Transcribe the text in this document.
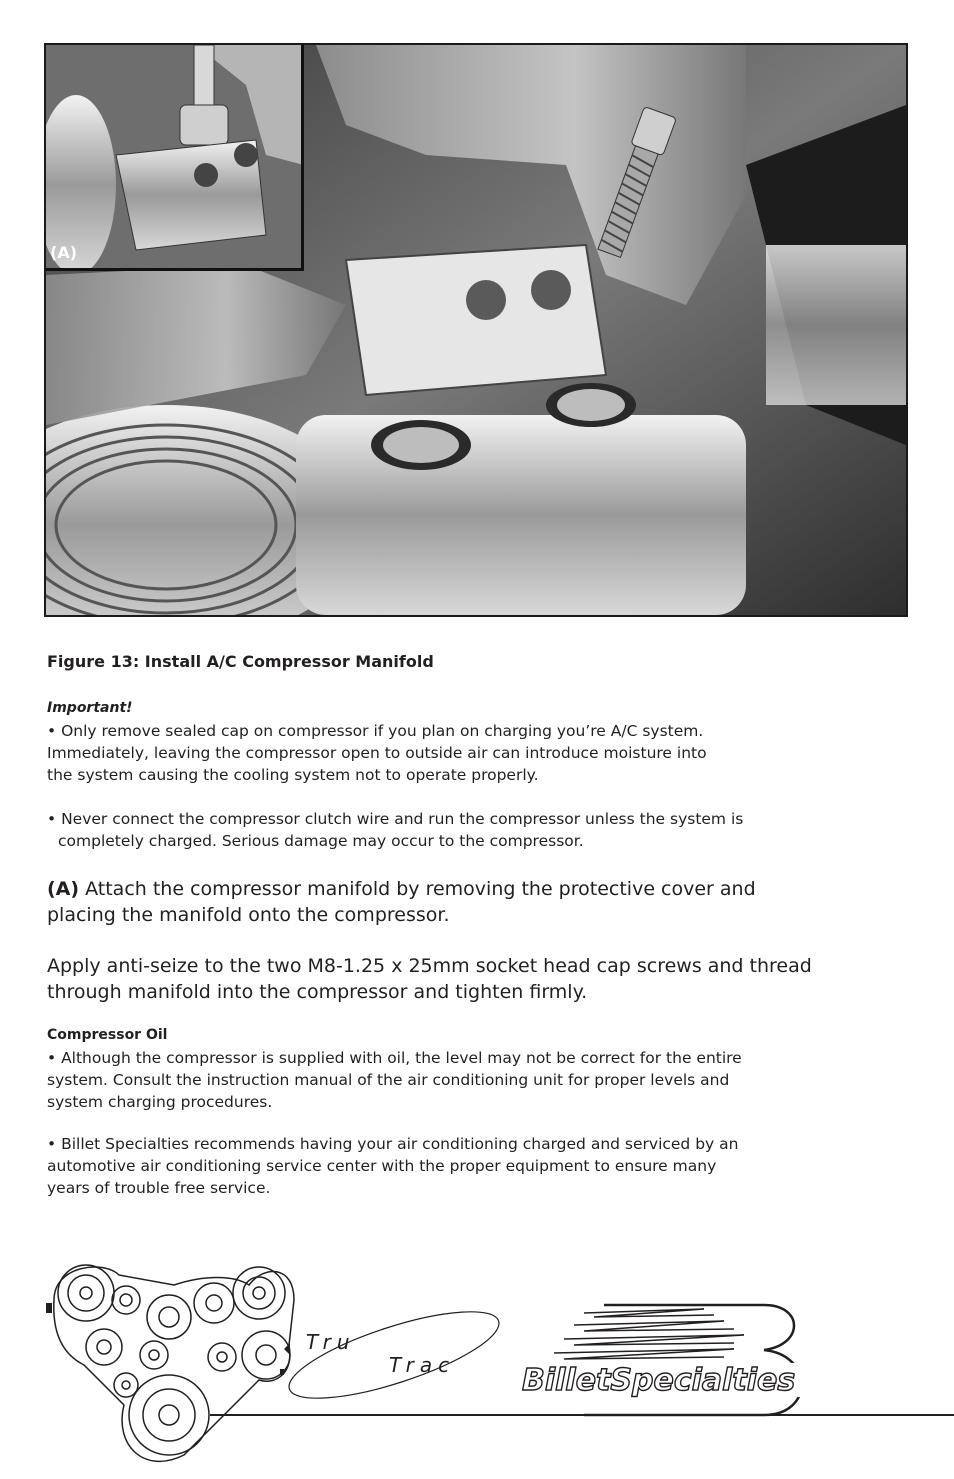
(A)
Figure 13: Install A/C Compressor Manifold
Important!
• Only remove sealed cap on compressor if you plan on charging you’re A/C system.
Immediately, leaving the compressor open to outside air can introduce moisture into
the system causing the cooling system not to operate properly.
• Never connect the compressor clutch wire and run the compressor unless the system is
completely charged. Serious damage may occur to the compressor.
(A) Attach the compressor manifold by removing the protective cover and
placing the manifold onto the compressor.
Apply anti-seize to the two M8-1.25 x 25mm socket head cap screws and thread
through manifold into the compressor and tighten firmly.
Compressor Oil
• Although the compressor is supplied with oil, the level may not be correct for the entire
system. Consult the instruction manual of the air conditioning unit for proper levels and
system charging procedures.
• Billet Specialties recommends having your air conditioning charged and serviced by an
automotive air conditioning service center with the proper equipment to ensure many
years of trouble free service.
Tru
Trac BilletSpecialties
